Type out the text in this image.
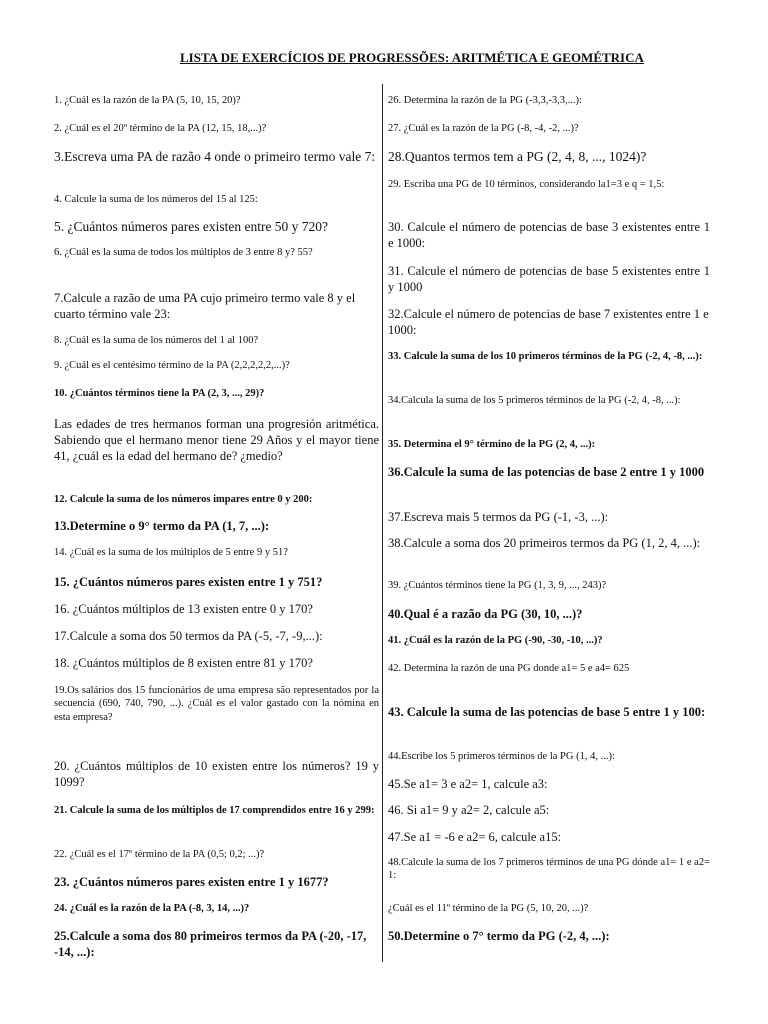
LISTA DE EXERCÍCIOS DE PROGRESSÕES: ARITMÉTICA E GEOMÉTRICA
1. ¿Cuál es la razón de la PA (5, 10, 15, 20)?
2. ¿Cuál es el 20º término de la PA (12, 15, 18,...)?
3.Escreva uma PA de razão 4 onde o primeiro termo vale 7:
4. Calcule la suma de los números del 15 al 125:
5. ¿Cuántos números pares existen entre 50 y 720?
6. ¿Cuál es la suma de todos los múltiplos de 3 entre 8 y? 55?
7.Calcule a razão de uma PA cujo primeiro termo vale 8 y el cuarto término vale 23:
8. ¿Cuál es la suma de los números del 1 al 100?
9. ¿Cuál es el centésimo término de la PA (2,2,2,2,2,...)?
10. ¿Cuántos términos tiene la PA (2, 3, ..., 29)?
Las edades de tres hermanos forman una progresión aritmética. Sabiendo que el hermano menor tiene 29 Años y el mayor tiene 41, ¿cuál es la edad del hermano de? ¿medio?
12. Calcule la suma de los números impares entre 0 y 200:
13.Determine o 9° termo da PA (1, 7, ...):
14. ¿Cuál es la suma de los múltiplos de 5 entre 9 y 51?
15. ¿Cuántos números pares existen entre 1 y 751?
16. ¿Cuántos múltiplos de 13 existen entre 0 y 170?
17.Calcule a soma dos 50 termos da PA (-5, -7, -9,...):
18. ¿Cuántos múltiplos de 8 existen entre 81 y 170?
19.Os salários dos 15 funcionários de uma empresa são representados por la secuencia (690, 740, 790, ...). ¿Cuál es el valor gastado con la nómina en esta empresa?
20. ¿Cuántos múltiplos de 10 existen entre los números? 19 y 1099?
21. Calcule la suma de los múltiplos de 17 comprendidos entre 16 y 299:
22. ¿Cuál es el 17º término de la PA (0,5; 0,2; ...)?
23. ¿Cuántos números pares existen entre 1 y 1677?
24. ¿Cuál es la razón de la PA (-8, 3, 14, ...)?
25.Calcule a soma dos 80 primeiros termos da PA (-20, -17, -14, ...):
26. Determina la razón de la PG (-3,3,-3,3,...):
27. ¿Cuál es la razón de la PG (-8, -4, -2, ...)?
28.Quantos termos tem a PG (2, 4, 8, ..., 1024)?
29. Escriba una PG de 10 términos, considerando la1=3 e q = 1,5:
30. Calcule el número de potencias de base 3 existentes entre 1 e 1000:
31. Calcule el número de potencias de base 5 existentes entre 1 y 1000
32.Calcule el número de potencias de base 7 existentes entre 1 e 1000:
33. Calcule la suma de los 10 primeros términos de la PG (-2, 4, -8, ...):
34.Calcula la suma de los 5 primeros términos de la PG (-2, 4, -8, ...):
35. Determina el 9° término de la PG (2, 4, ...):
36.Calcule la suma de las potencias de base 2 entre 1 y 1000
37.Escreva mais 5 termos da PG (-1, -3, ...):
38.Calcule a soma dos 20 primeiros termos da PG (1, 2, 4, ...):
39. ¿Cuántos términos tiene la PG (1, 3, 9, ..., 243)?
40.Qual é a razão da PG (30, 10, ...)?
41. ¿Cuál es la razón de la PG (-90, -30, -10, ...)?
42. Determina la razón de una PG donde a1= 5 e a4= 625
43. Calcule la suma de las potencias de base 5 entre 1 y 100:
44.Escribe los 5 primeros términos de la PG (1, 4, ...):
45.Se a1= 3 e a2= 1, calcule a3:
46. Si a1= 9 y a2= 2, calcule a5:
47.Se a1 = -6 e a2= 6, calcule a15:
48.Calcule la suma de los 7 primeros términos de una PG dónde a1= 1 e a2= 1:
¿Cuál es el 11º término de la PG (5, 10, 20, ...)?
50.Determine o 7° termo da PG (-2, 4, ...):
